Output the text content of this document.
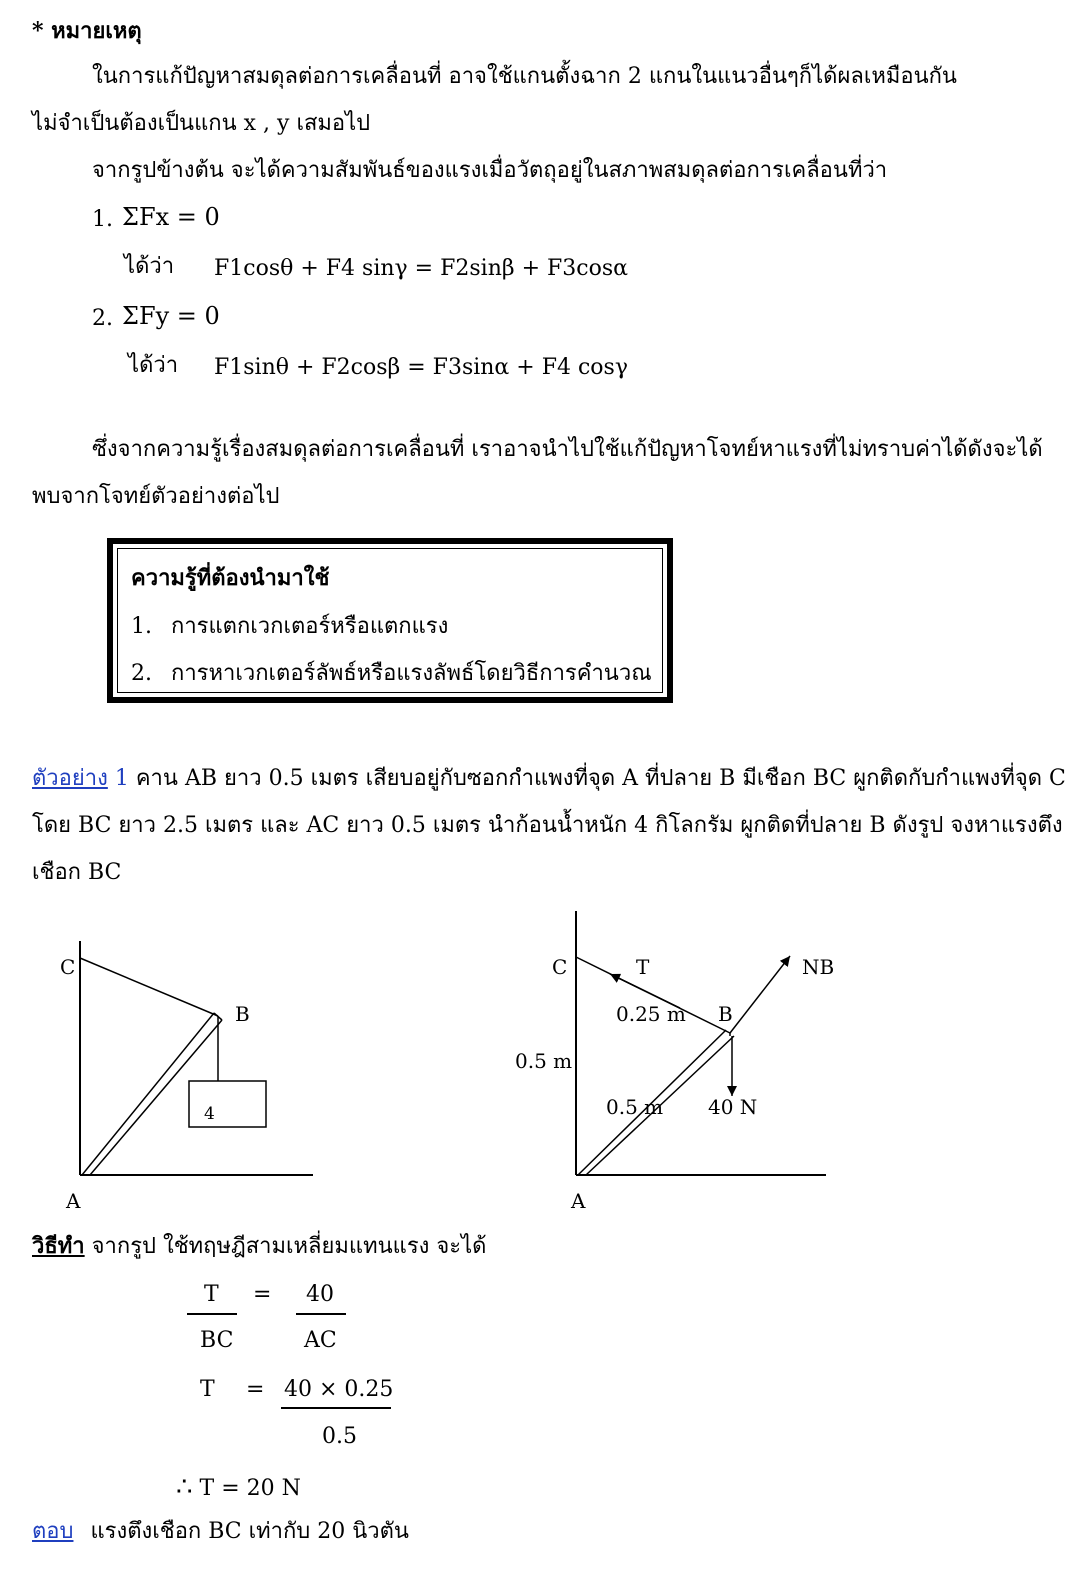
* หมายเหตุ
ในการแก้ปัญหาสมดุลต่อการเคลื่อนที่ อาจใช้แกนตั้งฉาก 2 แกนในแนวอื่นๆก็ได้ผลเหมือนกัน
ไม่จำเป็นต้องเป็นแกน x , y เสมอไป
จากรูปข้างต้น จะได้ความสัมพันธ์ของแรงเมื่อวัตถุอยู่ในสภาพสมดุลต่อการเคลื่อนที่ว่า
1. ΣFx = 0
ได้ว่า F1cosθ + F4 sinγ = F2sinβ + F3cosα
2. ΣFy = 0
ได้ว่า F1sinθ + F2cosβ = F3sinα + F4 cosγ
ซึ่งจากความรู้เรื่องสมดุลต่อการเคลื่อนที่ เราอาจนำไปใช้แก้ปัญหาโจทย์หาแรงที่ไม่ทราบค่าได้ดังจะได้
พบจากโจทย์ตัวอย่างต่อไป
ความรู้ที่ต้องนำมาใช้
1. การแตกเวกเตอร์หรือแตกแรง
2. การหาเวกเตอร์ลัพธ์หรือแรงลัพธ์โดยวิธีการคำนวณ
ตัวอย่าง 1 คาน AB ยาว 0.5 เมตร เสียบอยู่กับซอกกำแพงที่จุด A ที่ปลาย B มีเชือก BC ผูกติดกับกำแพงที่จุด C
โดย BC ยาว 2.5 เมตร และ AC ยาว 0.5 เมตร นำก้อนน้ำหนัก 4 กิโลกรัม ผูกติดที่ปลาย B ดังรูป จงหาแรงตึง
เชือก BC
C
B
A
4
C	T	NB
B
A
0.25 m
0.5 m
0.5 m 40 N
วิธีทำ จากรูป ใช้ทฤษฎีสามเหลี่ยมแทนแรง จะได้
T
BC
= 40
AC
T = 40 × 0.25
0.5
∴ T = 20 N
ตอบ แรงตึงเชือก BC เท่ากับ 20 นิวตัน
